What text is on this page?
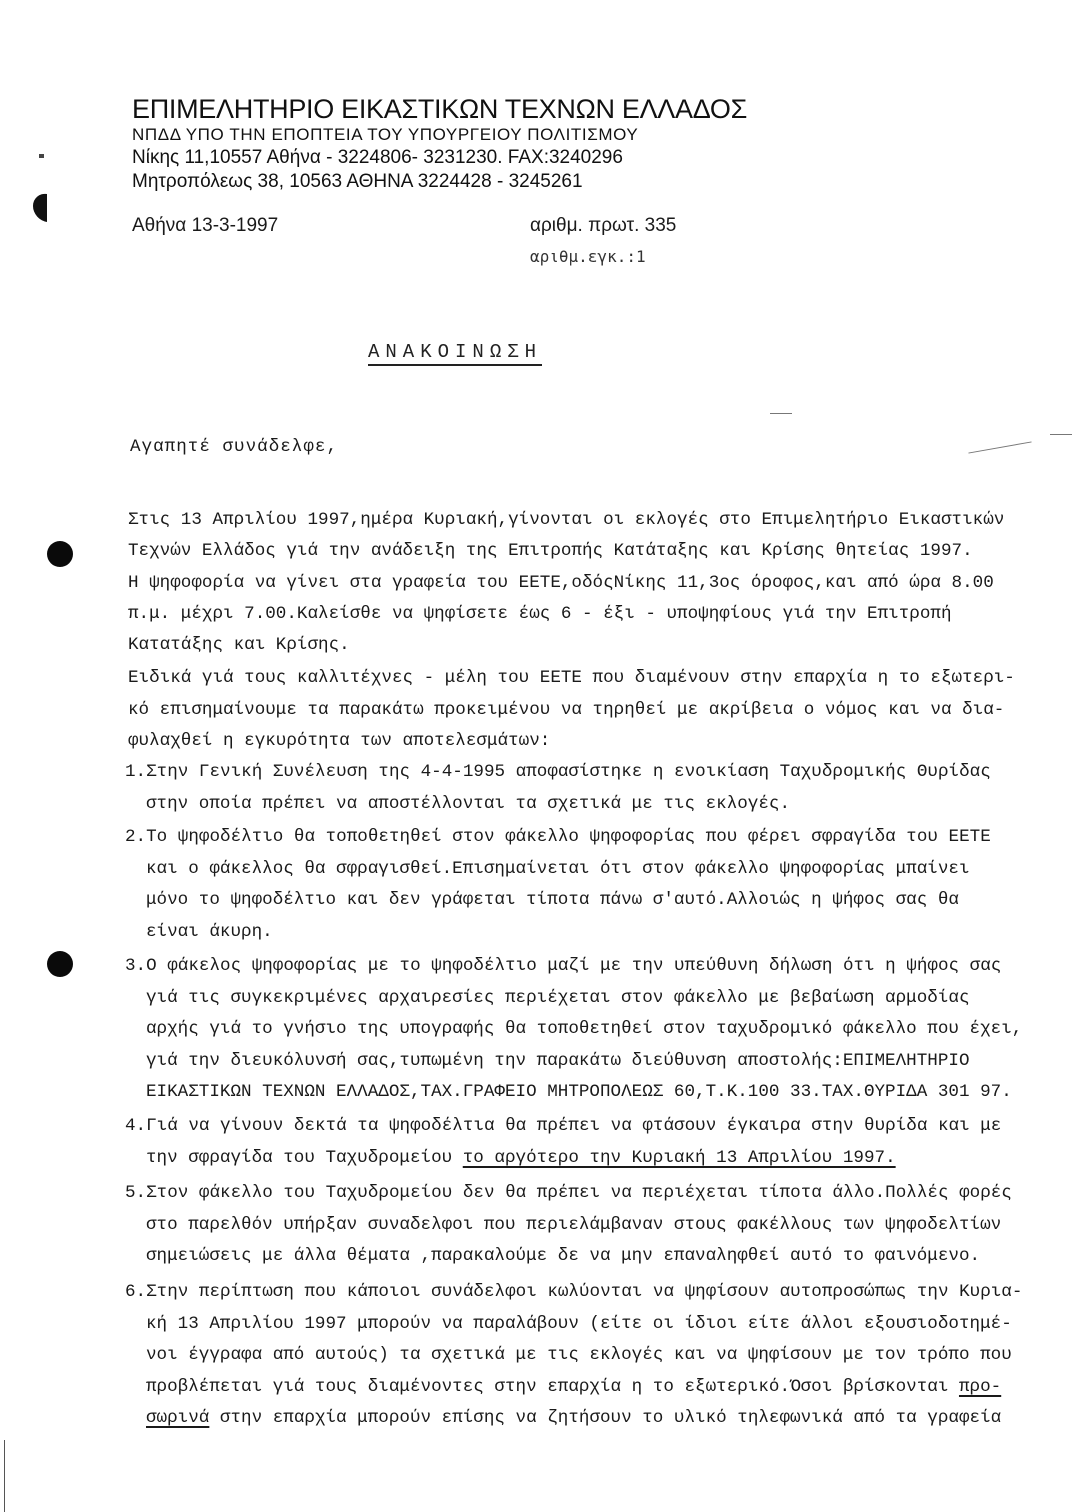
ΕΠΙΜΕΛΗΤΗΡΙΟ ΕΙΚΑΣΤΙΚΩΝ ΤΕΧΝΩΝ ΕΛΛΑΔΟΣ
ΝΠΔΔ ΥΠΟ ΤΗΝ ΕΠΟΠΤΕΙΑ ΤΟΥ ΥΠΟΥΡΓΕΙΟΥ ΠΟΛΙΤΙΣΜΟΥ
Νίκης 11,10557 Αθήνα - 3224806- 3231230. FAX:3240296
Μητροπόλεως 38, 10563 ΑΘΗΝΑ 3224428 - 3245261
Αθήνα 13-3-1997	αριθμ. πρωτ. 335
αριθμ.εγκ.:1
ΑΝΑΚΟΙΝΩΣΗ
Αγαπητέ συνάδελφε,
Στις 13 Απριλίου 1997,ημέρα Κυριακή,γίνονται οι εκλογές στο Επιμελητήριο Εικαστικών
Τεχνών Ελλάδος γιά την ανάδειξη της Επιτροπής Κατάταξης και Κρίσης θητείας 1997.
Η ψηφοφορία να γίνει στα γραφεία του ΕΕΤΕ,οδόςΝίκης 11,3ος όροφος,και από ώρα 8.00
π.μ. μέχρι 7.00.Καλείσθε να ψηφίσετε έως 6 - έξι - υποψηφίους γιά την Επιτροπή
Κατατάξης και Κρίσης.
Ειδικά γιά τους καλλιτέχνες - μέλη του ΕΕΤΕ που διαμένουν στην επαρχία η το εξωτερι-
κό επισημαίνουμε τα παρακάτω προκειμένου να τηρηθεί με ακρίβεια ο νόμος και να δια-
φυλαχθεί η εγκυρότητα των αποτελεσμάτων:
1.Στην Γενική Συνέλευση της 4-4-1995 αποφασίστηκε η ενοικίαση Ταχυδρομικής Θυρίδας
στην οποία πρέπει να αποστέλλονται τα σχετικά με τις εκλογές.
2.Το ψηφοδέλτιο θα τοποθετηθεί στον φάκελλο ψηφοφορίας που φέρει σφραγίδα του ΕΕΤΕ
και ο φάκελλος θα σφραγισθεί.Επισημαίνεται ότι στον φάκελλο ψηφοφορίας μπαίνει
μόνο το ψηφοδέλτιο και δεν γράφεται τίποτα πάνω σ'αυτό.Αλλοιώς η ψήφος σας θα
είναι άκυρη.
3.Ο φάκελος ψηφοφορίας με το ψηφοδέλτιο μαζί με την υπεύθυνη δήλωση ότι η ψήφος σας
γιά τις συγκεκριμένες αρχαιρεσίες περιέχεται στον φάκελλο με βεβαίωση αρμοδίας
αρχής γιά το γνήσιο της υπογραφής θα τοποθετηθεί στον ταχυδρομικό φάκελλο που έχει,
γιά την διευκόλυνσή σας,τυπωμένη την παρακάτω διεύθυνση αποστολής:ΕΠΙΜΕΛΗΤΗΡΙΟ
ΕΙΚΑΣΤΙΚΩΝ ΤΕΧΝΩΝ ΕΛΛΑΔΟΣ,ΤΑΧ.ΓΡΑΦΕΙΟ ΜΗΤΡΟΠΟΛΕΩΣ 60,Τ.Κ.100 33.ΤΑΧ.ΘΥΡΙΔΑ 301 97.
4.Γιά να γίνουν δεκτά τα ψηφοδέλτια θα πρέπει να φτάσουν έγκαιρα στην θυρίδα και με
την σφραγίδα του Ταχυδρομείου το αργότερο την Κυριακή 13 Απριλίου 1997.
5.Στον φάκελλο του Ταχυδρομείου δεν θα πρέπει να περιέχεται τίποτα άλλο.Πολλές φορές
στο παρελθόν υπήρξαν συναδελφοι που περιελάμβαναν στους φακέλλους των ψηφοδελτίων
σημειώσεις με άλλα θέματα ,παρακαλούμε δε να μην επαναληφθεί αυτό το φαινόμενο.
6.Στην περίπτωση που κάποιοι συνάδελφοι κωλύονται να ψηφίσουν αυτοπροσώπως την Κυρια-
κή 13 Απριλίου 1997 μπορούν να παραλάβουν (είτε οι ίδιοι είτε άλλοι εξουσιοδοτημέ-
νοι έγγραφα από αυτούς) τα σχετικά με τις εκλογές και να ψηφίσουν με τον τρόπο που
προβλέπεται γιά τους διαμένοντες στην επαρχία η το εξωτερικό.Όσοι βρίσκονται προ-
σωρινά στην επαρχία μπορούν επίσης να ζητήσουν το υλικό τηλεφωνικά από τα γραφεία
